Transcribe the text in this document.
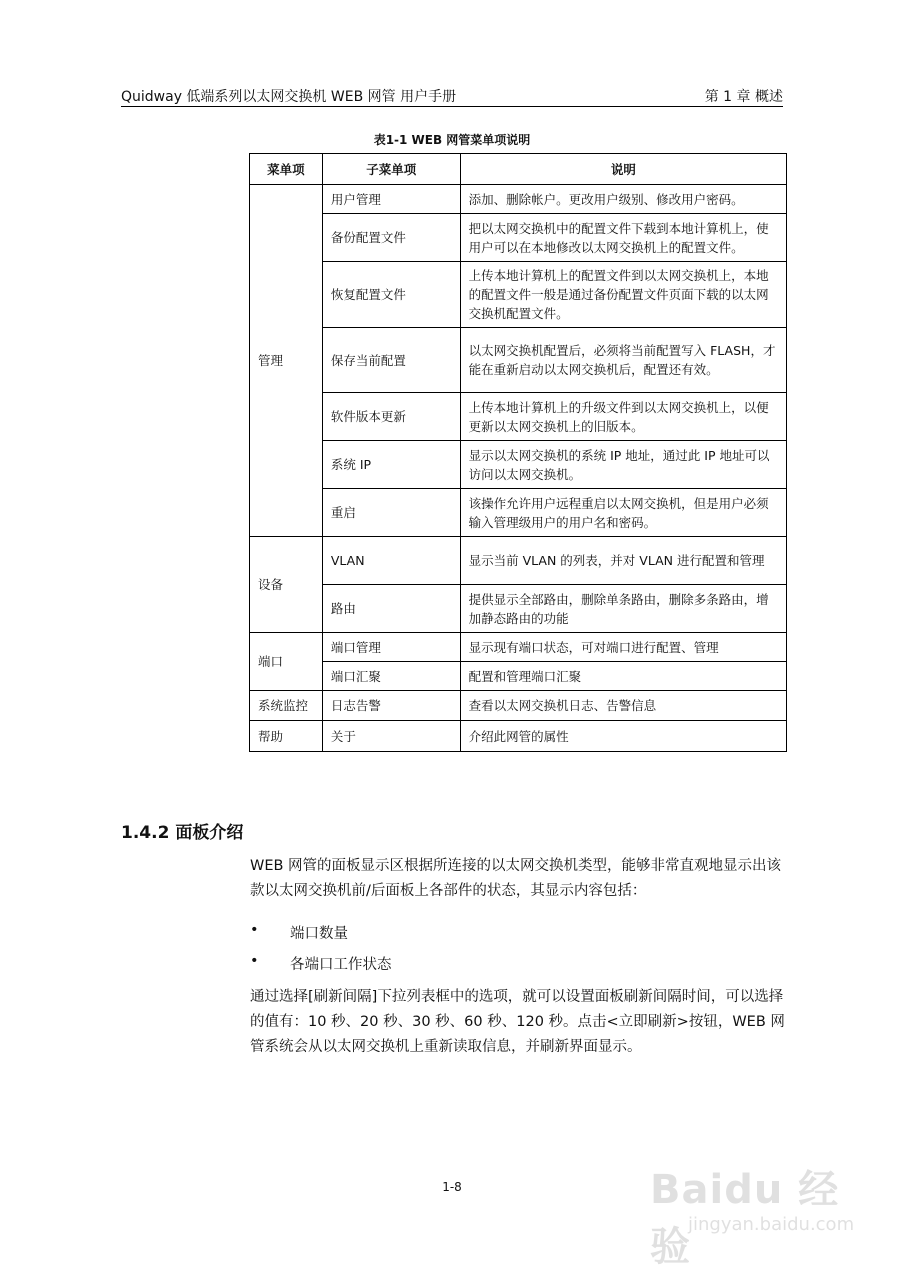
Quidway 低端系列以太网交换机 WEB 网管 用户手册	第 1 章 概述
表1-1 WEB 网管菜单项说明
菜单项	子菜单项	说明
管理	用户管理	添加、删除帐户。更改用户级别、修改用户密码。
	备份配置文件	把以太网交换机中的配置文件下载到本地计算机上，使用户可以在本地修改以太网交换机上的配置文件。
	恢复配置文件	上传本地计算机上的配置文件到以太网交换机上，本地的配置文件一般是通过备份配置文件页面下载的以太网交换机配置文件。
	保存当前配置	以太网交换机配置后，必须将当前配置写入 FLASH，才能在重新启动以太网交换机后，配置还有效。
	软件版本更新	上传本地计算机上的升级文件到以太网交换机上，以便更新以太网交换机上的旧版本。
	系统 IP	显示以太网交换机的系统 IP 地址，通过此 IP 地址可以访问以太网交换机。
	重启	该操作允许用户远程重启以太网交换机，但是用户必须输入管理级用户的用户名和密码。
设备	VLAN	显示当前 VLAN 的列表，并对 VLAN 进行配置和管理
	路由	提供显示全部路由，删除单条路由，删除多条路由，增加静态路由的功能
端口	端口管理	显示现有端口状态，可对端口进行配置、管理
	端口汇聚	配置和管理端口汇聚
系统监控	日志告警	查看以太网交换机日志、告警信息
帮助	关于	介绍此网管的属性
1.4.2 面板介绍
WEB 网管的面板显示区根据所连接的以太网交换机类型，能够非常直观地显示出该款以太网交换机前/后面板上各部件的状态，其显示内容包括：
• 端口数量
• 各端口工作状态
通过选择[刷新间隔]下拉列表框中的选项，就可以设置面板刷新间隔时间，可以选择的值有：10 秒、20 秒、30 秒、60 秒、120 秒。点击<立即刷新>按钮，WEB 网管系统会从以太网交换机上重新读取信息，并刷新界面显示。
1-8	Baidu 经验
jingyan.baidu.com
